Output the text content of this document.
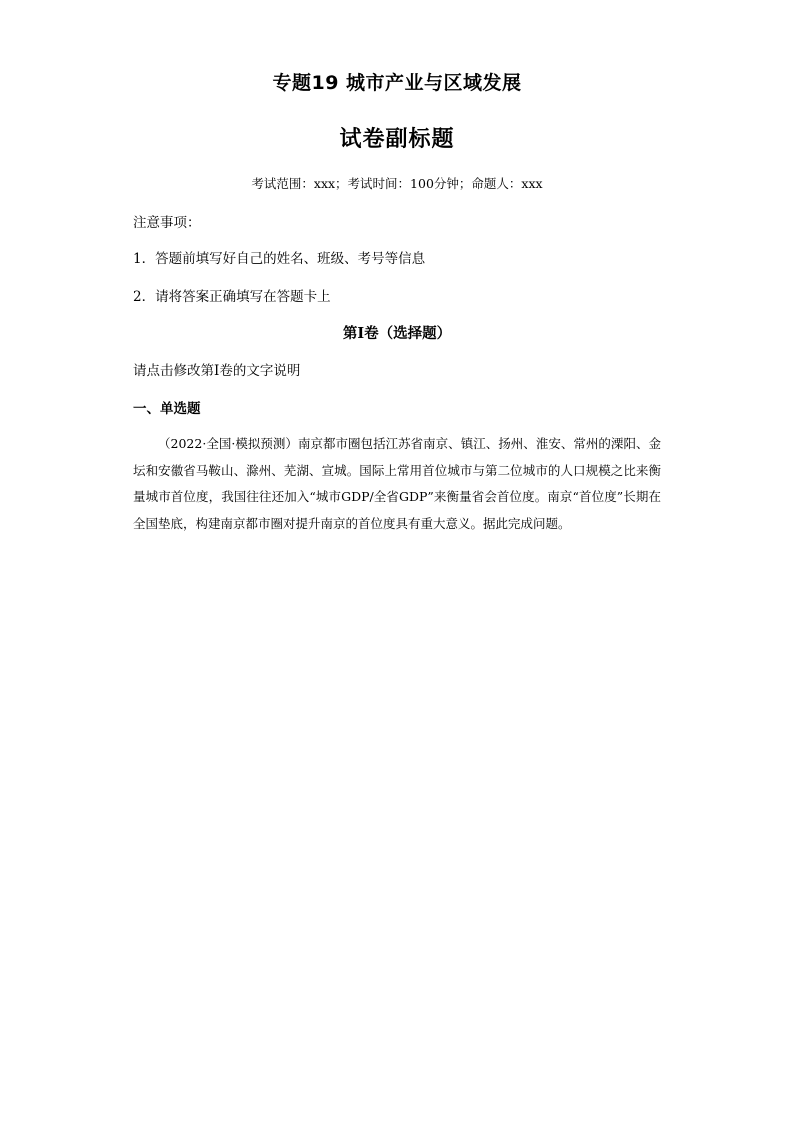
专题19 城市产业与区域发展
试卷副标题
考试范围：xxx；考试时间：100分钟；命题人：xxx
注意事项：
1．答题前填写好自己的姓名、班级、考号等信息
2．请将答案正确填写在答题卡上
第I卷（选择题）
请点击修改第I卷的文字说明
一、单选题

（2022·全国·模拟预测）南京都市圈包括江苏省南京、镇江、扬州、淮安、常州的溧阳、金坛和安徽省马鞍山、滁州、芜湖、宣城。国际上常用首位城市与第二位城市的人口规模之比来衡量城市首位度，我国往往还加入“城市GDP/全省GDP”来衡量省会首位度。南京“首位度”长期在全国垫底，构建南京都市圈对提升南京的首位度具有重大意义。据此完成问题。
